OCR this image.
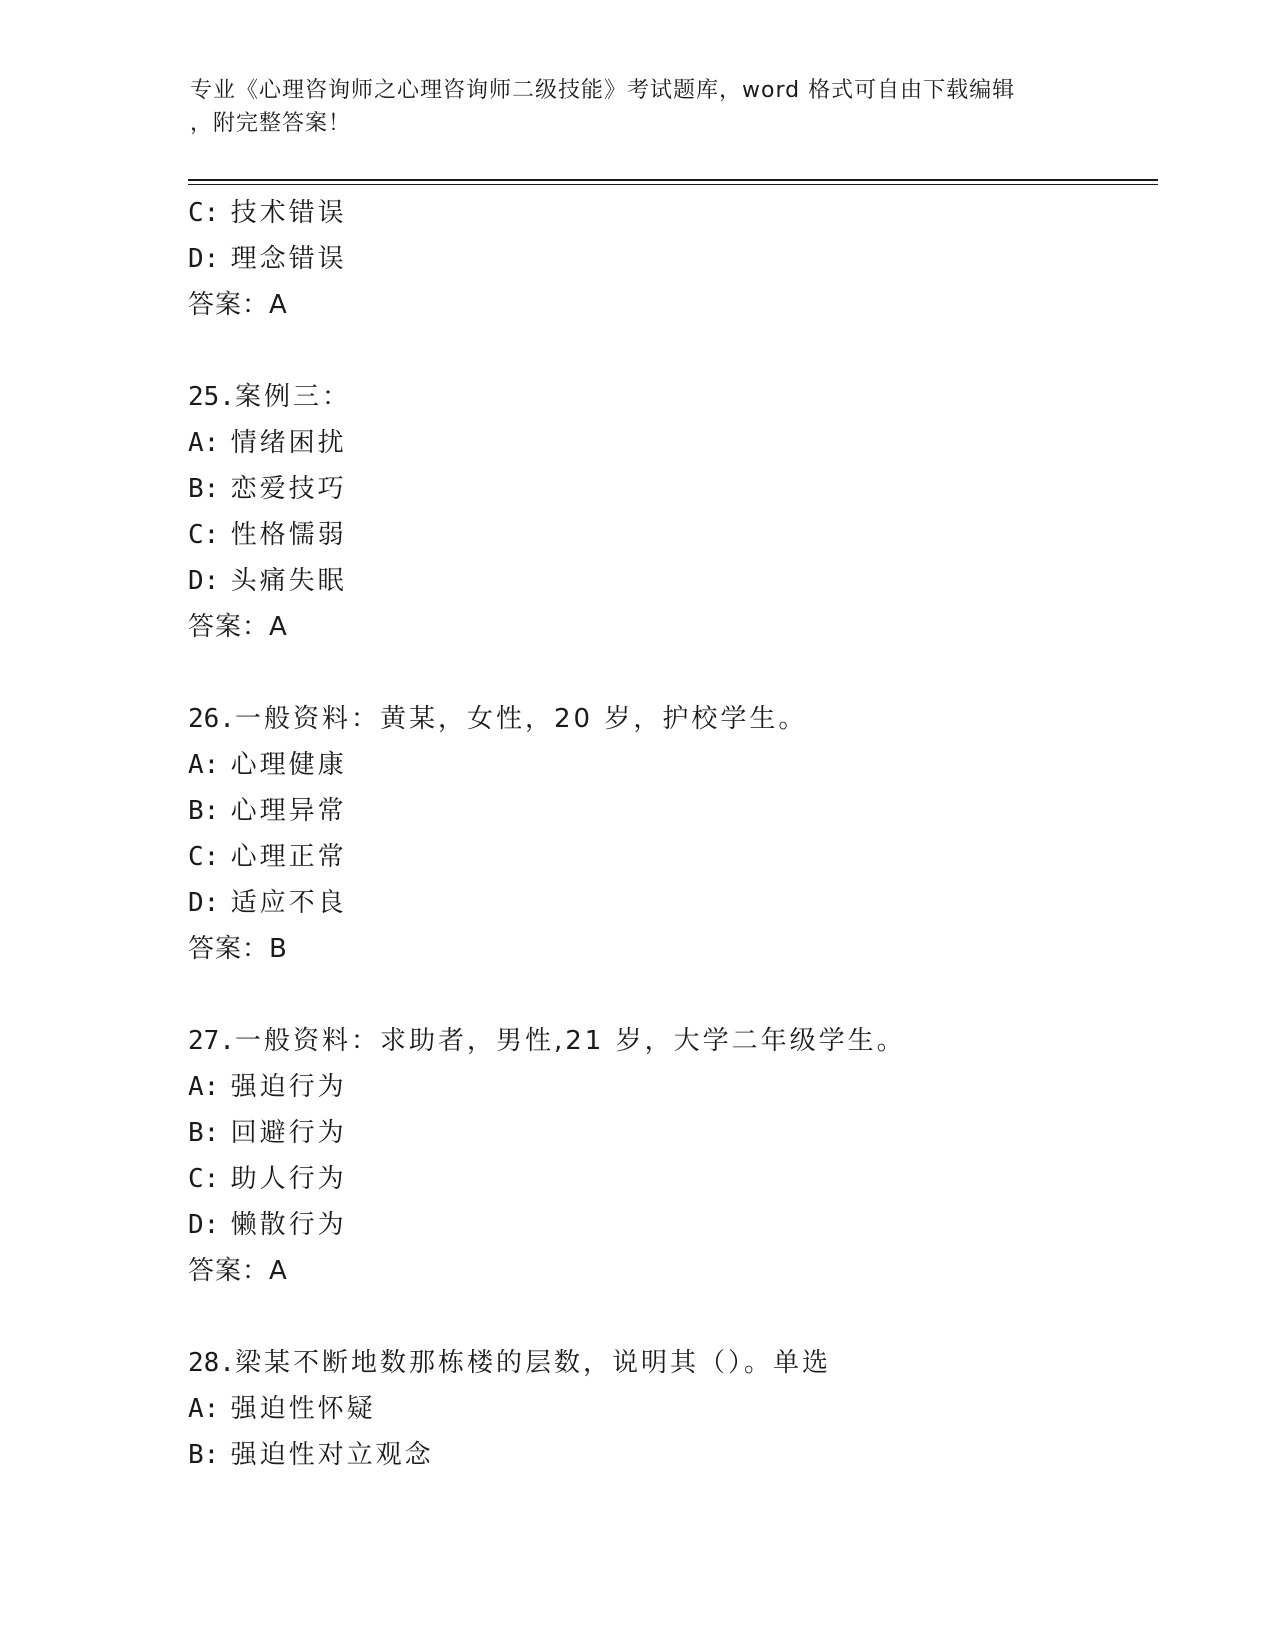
专业《心理咨询师之心理咨询师二级技能》考试题库，word 格式可自由下载编辑
，附完整答案！
C: 技术错误
D: 理念错误
答案：A
25.案例三：
A: 情绪困扰
B: 恋爱技巧
C: 性格懦弱
D: 头痛失眠
答案：A
26.一般资料：黄某，女性，20 岁，护校学生。
A: 心理健康
B: 心理异常
C: 心理正常
D: 适应不良
答案：B
27.一般资料：求助者，男性,21 岁，大学二年级学生。
A: 强迫行为
B: 回避行为
C: 助人行为
D: 懒散行为
答案：A
28.梁某不断地数那栋楼的层数，说明其（）。单选
A: 强迫性怀疑
B: 强迫性对立观念
